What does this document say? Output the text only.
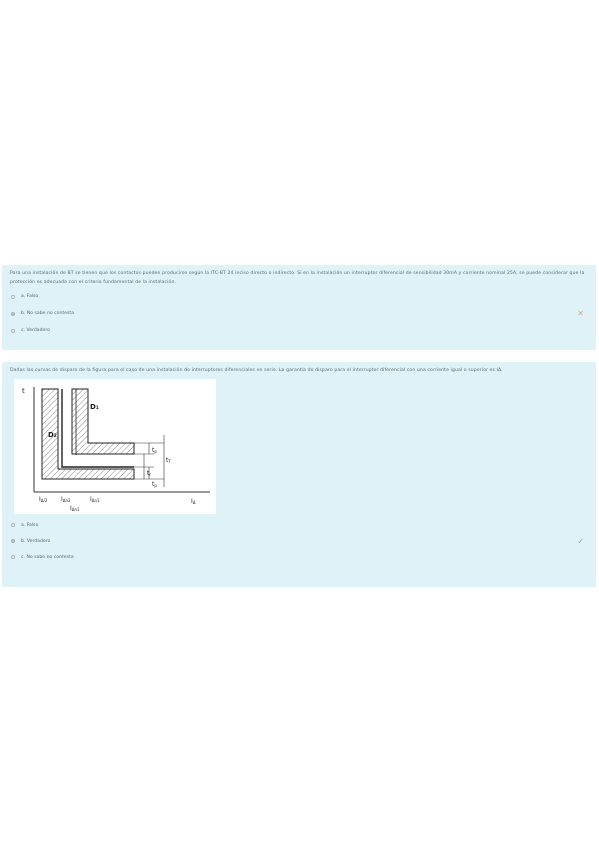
Para una instalación de BT se tienen que los contactos pueden producirse según la ITC-BT 24 inciso directo o indirecto. Si en la instalación un interruptor diferencial de sensibilidad 30mA y corriente nominal 25A, se puede considerar que la protección es adecuada con el criterio fundamental de la instalación.
a. Falso
b. No sabe no contesta	✕
c. Verdadero
Dadas las curvas de disparo de la figura para el caso de una instalación de interruptores diferenciales en serie. La garantía de disparo para el interruptor diferencial con una corriente igual o superior es IΔ.
t
D₂
D₁
tp
tT
tr
tp
IΔ/2 IΔn2	IΔn1
IΔn1
IΔ
a. Falso
b. Verdadero	✓
c. No sabe no contesta
